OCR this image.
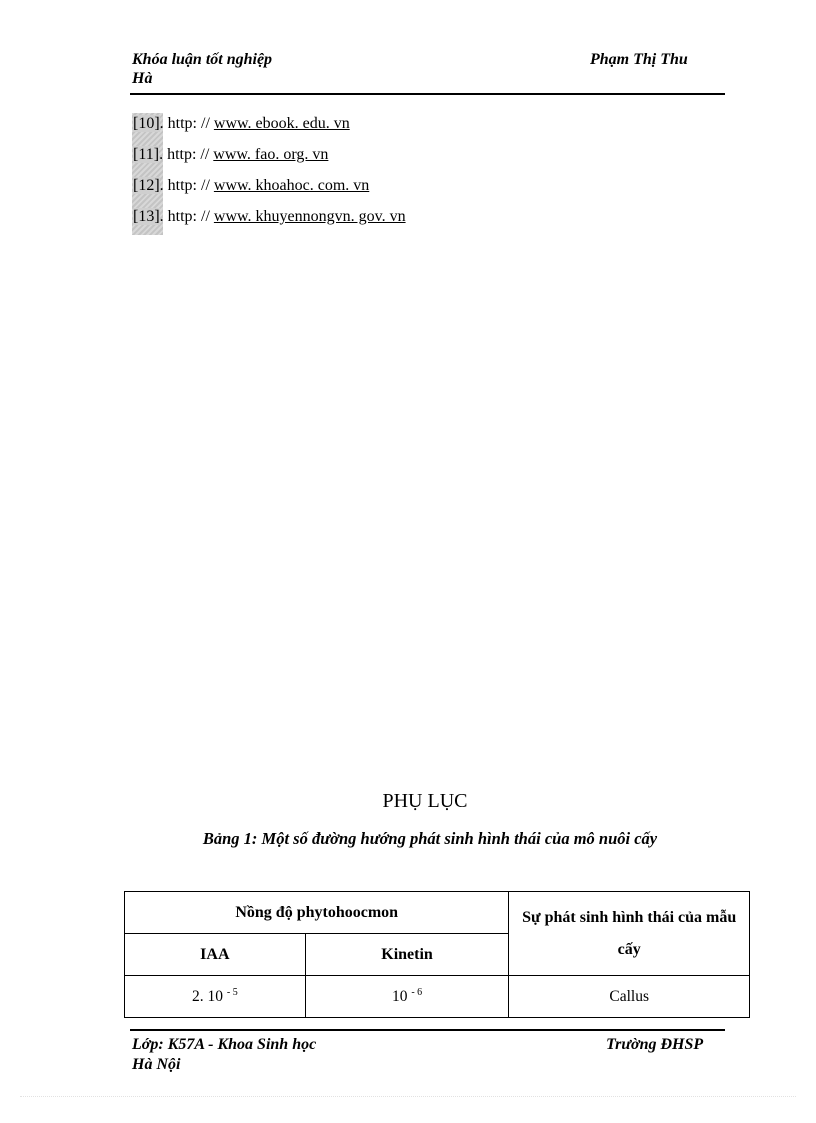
Khóa luận tốt nghiệp
Hà
Phạm Thị Thu
[10]. http: // www. ebook. edu. vn
[11]. http: // www. fao. org. vn
[12]. http: // www. khoahoc. com. vn
[13]. http: // www. khuyennongvn. gov. vn
PHỤ LỤC
Bảng 1: Một số đường hướng phát sinh hình thái của mô nuôi cấy
Nồng độ phytohoocmon		Sự phát sinh hình thái của mẫu cấy
IAA	Kinetin	
2. 10 $^{- 5}$	10 $^{- 6}$	Callus
Lớp: K57A - Khoa Sinh học
Hà Nội
Trường ĐHSP
